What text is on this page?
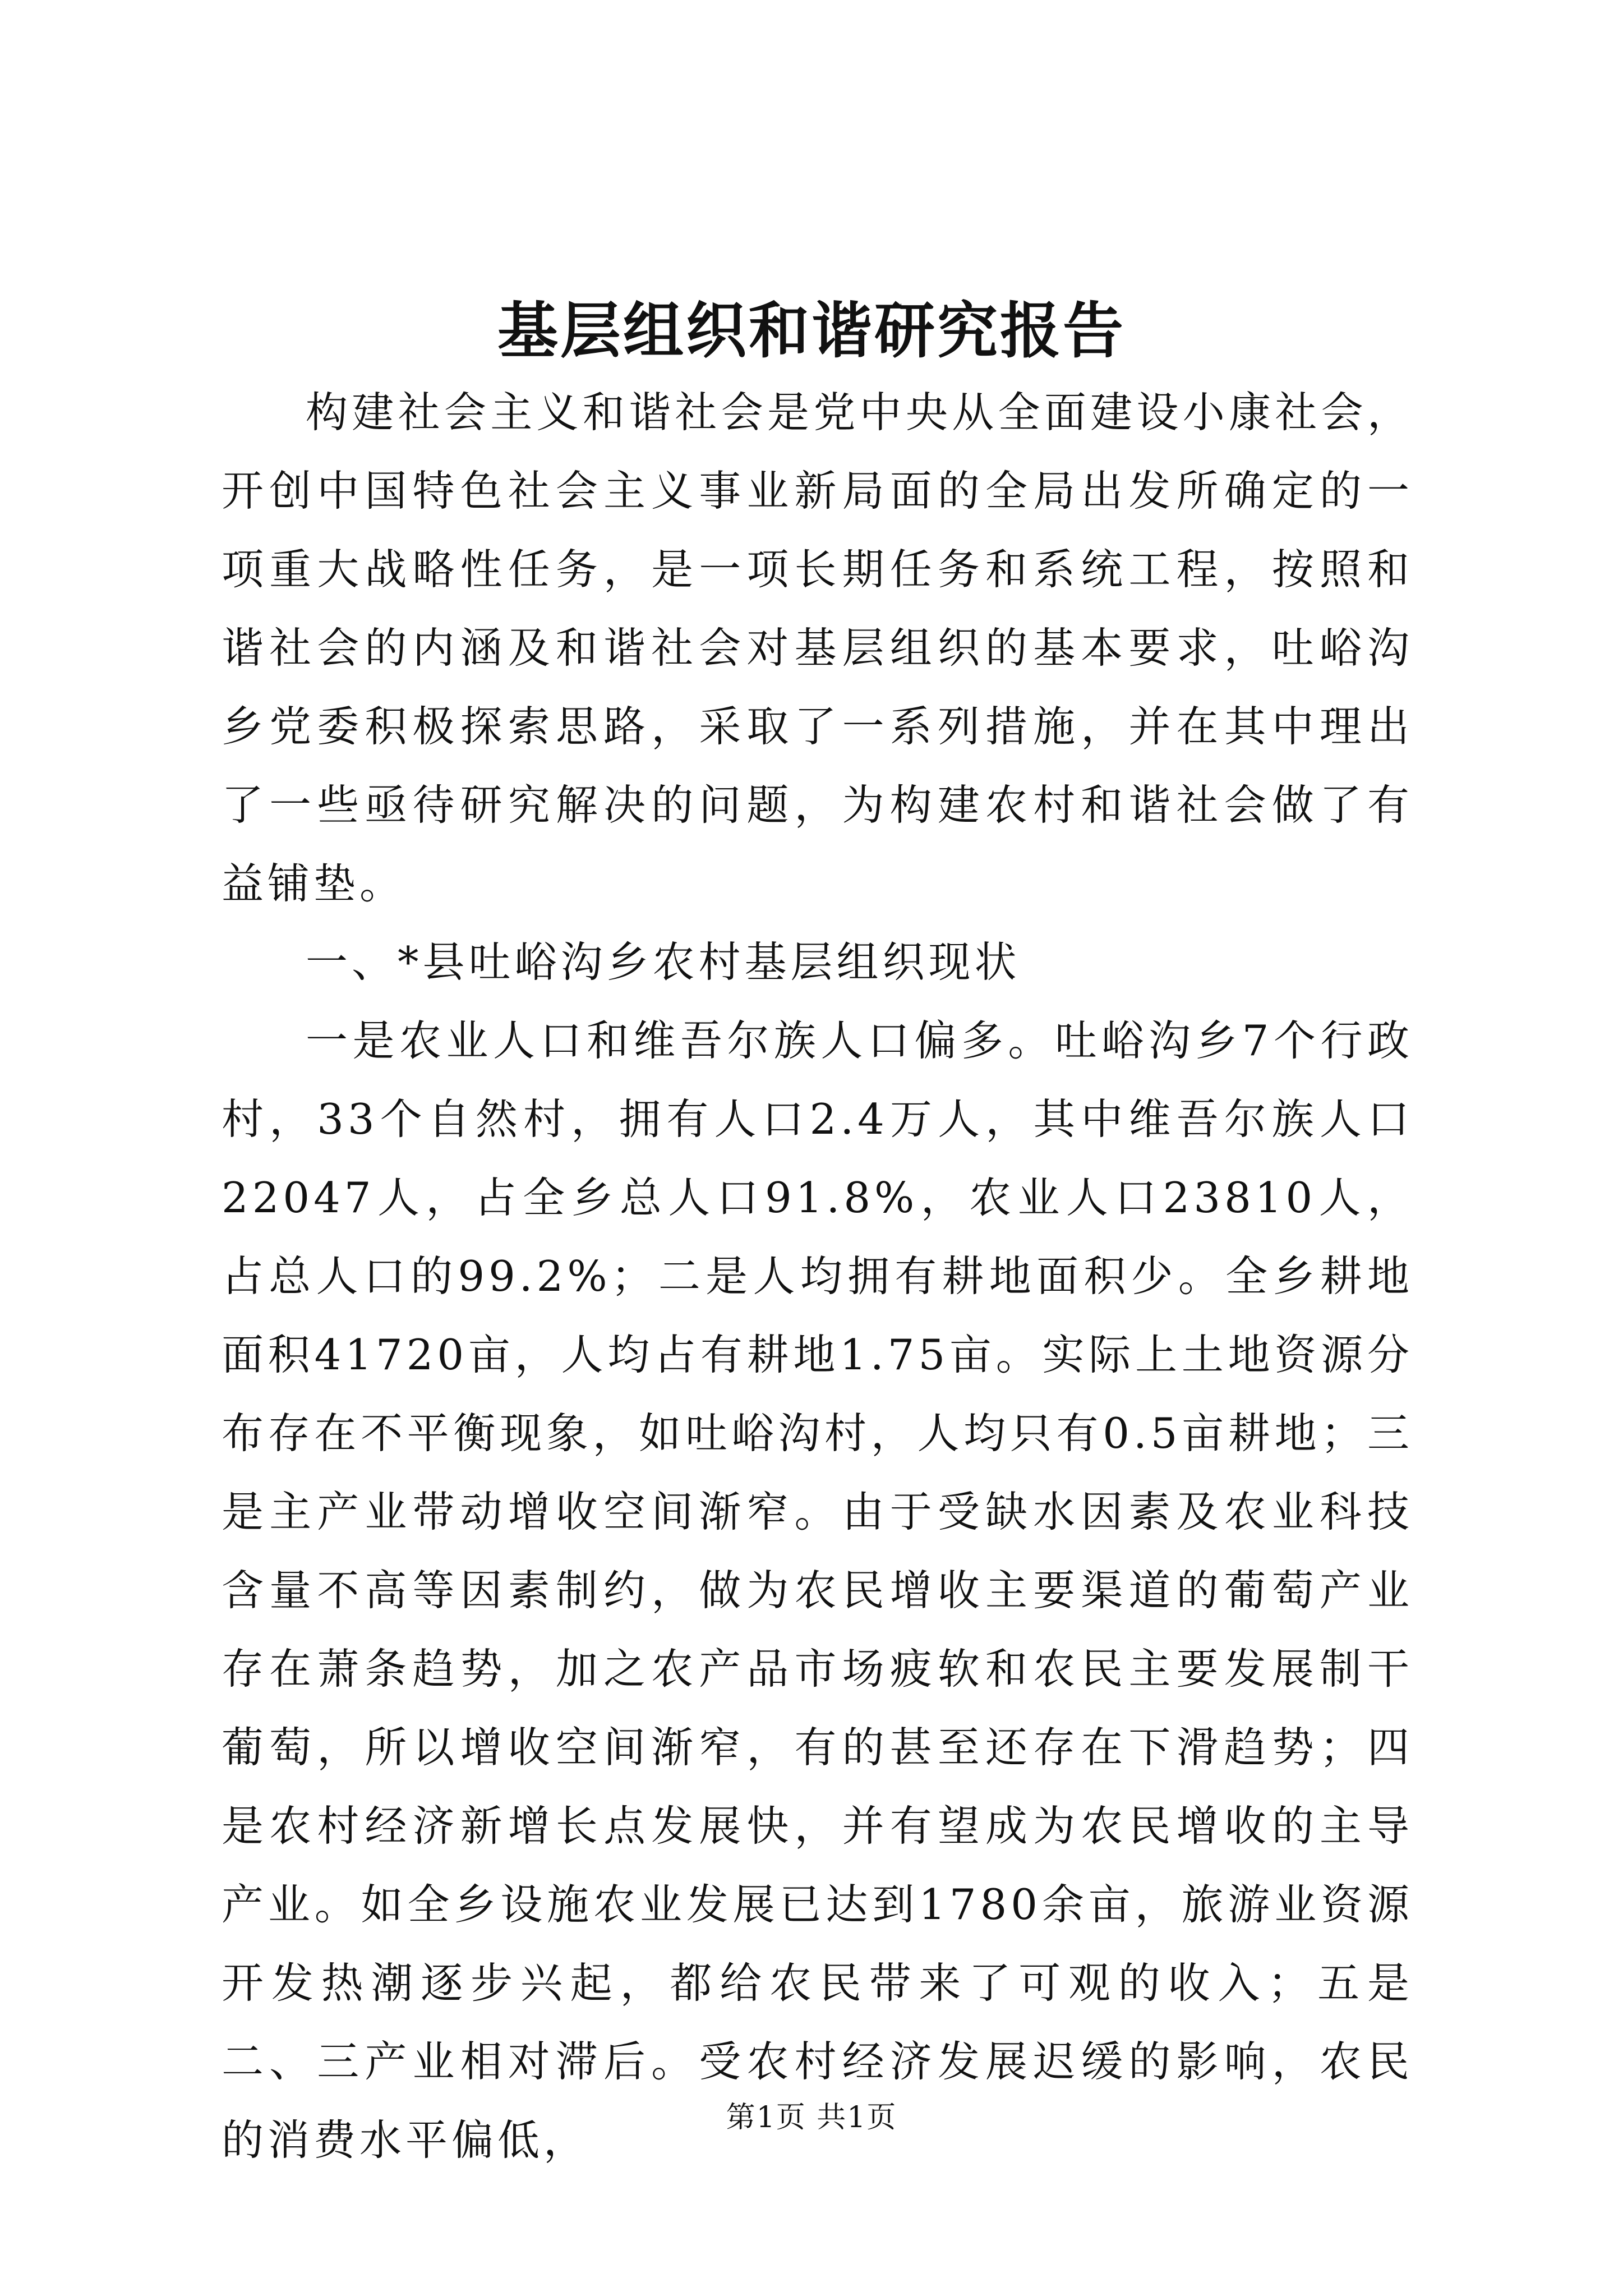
基层组织和谐研究报告

构建社会主义和谐社会是党中央从全面建设小康社会，开创中国特色社会主义事业新局面的全局出发所确定的一项重大战略性任务，是一项长期任务和系统工程，按照和谐社会的内涵及和谐社会对基层组织的基本要求，吐峪沟乡党委积极探索思路，采取了一系列措施，并在其中理出了一些亟待研究解决的问题，为构建农村和谐社会做了有益铺垫。

一、*县吐峪沟乡农村基层组织现状

一是农业人口和维吾尔族人口偏多。吐峪沟乡7个行政村，33个自然村，拥有人口2.4万人，其中维吾尔族人口22047人，占全乡总人口91.8%，农业人口23810人，占总人口的99.2%；二是人均拥有耕地面积少。全乡耕地面积41720亩，人均占有耕地1.75亩。实际上土地资源分布存在不平衡现象，如吐峪沟村，人均只有0.5亩耕地；三是主产业带动增收空间渐窄。由于受缺水因素及农业科技含量不高等因素制约，做为农民增收主要渠道的葡萄产业存在萧条趋势，加之农产品市场疲软和农民主要发展制干葡萄，所以增收空间渐窄，有的甚至还存在下滑趋势；四是农村经济新增长点发展快，并有望成为农民增收的主导产业。如全乡设施农业发展已达到1780余亩，旅游业资源开发热潮逐步兴起，都给农民带来了可观的收入；五是二、三产业相对滞后。受农村经济发展迟缓的影响，农民的消费水平偏低，	第1页 共1页
